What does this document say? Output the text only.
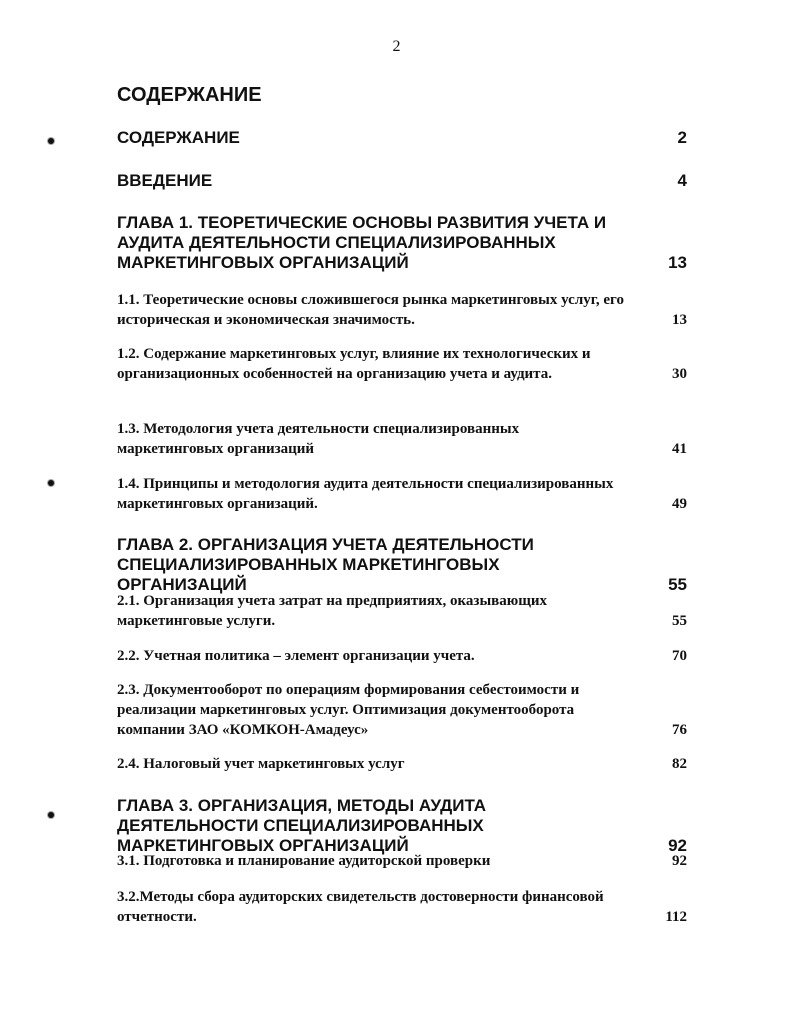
2
СОДЕРЖАНИЕ
СОДЕРЖАНИЕ	2
ВВЕДЕНИЕ	4
ГЛАВА 1. ТЕОРЕТИЧЕСКИЕ ОСНОВЫ РАЗВИТИЯ УЧЕТА И АУДИТА ДЕЯТЕЛЬНОСТИ СПЕЦИАЛИЗИРОВАННЫХ МАРКЕТИНГОВЫХ ОРГАНИЗАЦИЙ	13
1.1. Теоретические основы сложившегося рынка маркетинговых услуг, его историческая и экономическая значимость.	13
1.2. Содержание маркетинговых услуг, влияние их технологических и организационных особенностей на организацию учета и аудита.	30
1.3. Методология учета деятельности специализированных маркетинговых организаций	41
1.4. Принципы и методология аудита деятельности специализированных маркетинговых организаций.	49
ГЛАВА 2. ОРГАНИЗАЦИЯ УЧЕТА ДЕЯТЕЛЬНОСТИ СПЕЦИАЛИЗИРОВАННЫХ МАРКЕТИНГОВЫХ ОРГАНИЗАЦИЙ	55
2.1. Организация учета затрат на предприятиях, оказывающих маркетинговые услуги.	55
2.2. Учетная политика – элемент организации учета.	70
2.3. Документооборот по операциям формирования себестоимости и реализации маркетинговых услуг. Оптимизация документооборота компании ЗАО «КОМКОН-Амадеус»	76
2.4. Налоговый учет маркетинговых услуг	82
ГЛАВА 3. ОРГАНИЗАЦИЯ, МЕТОДЫ АУДИТА ДЕЯТЕЛЬНОСТИ СПЕЦИАЛИЗИРОВАННЫХ МАРКЕТИНГОВЫХ ОРГАНИЗАЦИЙ	92
3.1. Подготовка и планирование аудиторской проверки	92
3.2.Методы сбора аудиторских свидетельств достоверности финансовой отчетности.	112
